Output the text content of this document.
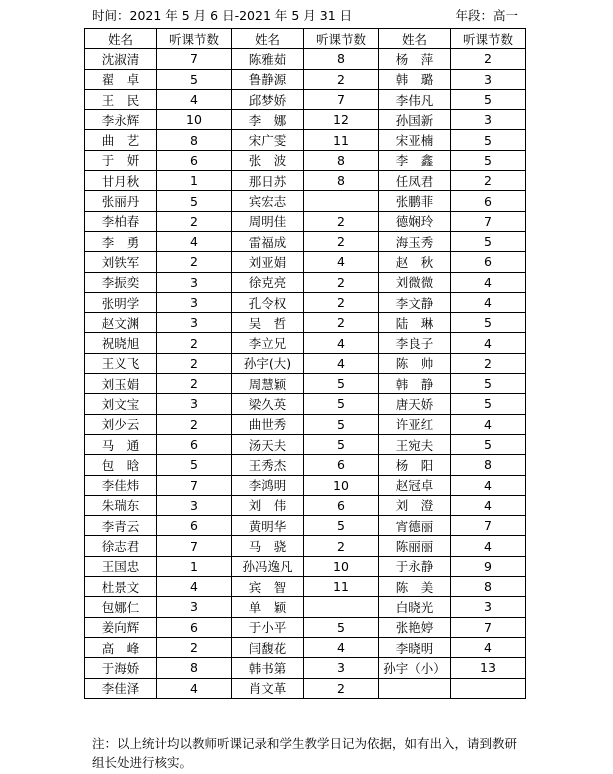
时间：2021 年 5 月 6 日-2021 年 5 月 31 日	年段：高一
姓名	听课节数	姓名	听课节数	姓名	听课节数
沈淑清	7	陈雅茹	8	杨　萍	2
翟　卓	5	鲁静源	2	韩　璐	3
王　民	4	邱梦娇	7	李伟凡	5
李永辉	10	李　娜	12	孙国新	3
曲　艺	8	宋广雯	11	宋亚楠	5
于　妍	6	张　波	8	李　鑫	5
甘月秋	1	那日苏	8	任凤君	2
张丽丹	5	宾宏志		张鹏菲	6
李柏春	2	周明佳	2	德娴玲	7
李　勇	4	雷福成	2	海玉秀	5
刘铁军	2	刘亚娟	4	赵　秋	6
李振奕	3	徐克亮	2	刘微微	4
张明学	3	孔令权	2	李文静	4
赵文渊	3	吴　哲	2	陆　琳	5
祝晓旭	2	李立兄	4	李良子	4
王义飞	2	孙宇(大)	4	陈　帅	2
刘玉娟	2	周慧颖	5	韩　静	5
刘文宝	3	梁久英	5	唐天娇	5
刘少云	2	曲世秀	5	许亚红	4
马　通	6	汤天夫	5	王宛夫	5
包　晗	5	王秀杰	6	杨　阳	8
李佳炜	7	李鸿明	10	赵冠卓	4
朱瑞东	3	刘　伟	6	刘　澄	4
李青云	6	黄明华	5	宵德丽	7
徐志君	7	马　骁	2	陈丽丽	4
王国忠	1	孙冯逸凡	10	于永静	9
杜景文	4	宾　智	11	陈　美	8
包娜仁	3	单　颖		白晓光	3
姜向辉	6	于小平	5	张艳婷	7
高　峰	2	闫馥花	4	李晓明	4
于海娇	8	韩书第	3	孙宇（小）	13
李佳泽	4	肖文革	2		
注：以上统计均以教师听课记录和学生教学日记为依据，如有出入，请到教研组长处进行核实。
